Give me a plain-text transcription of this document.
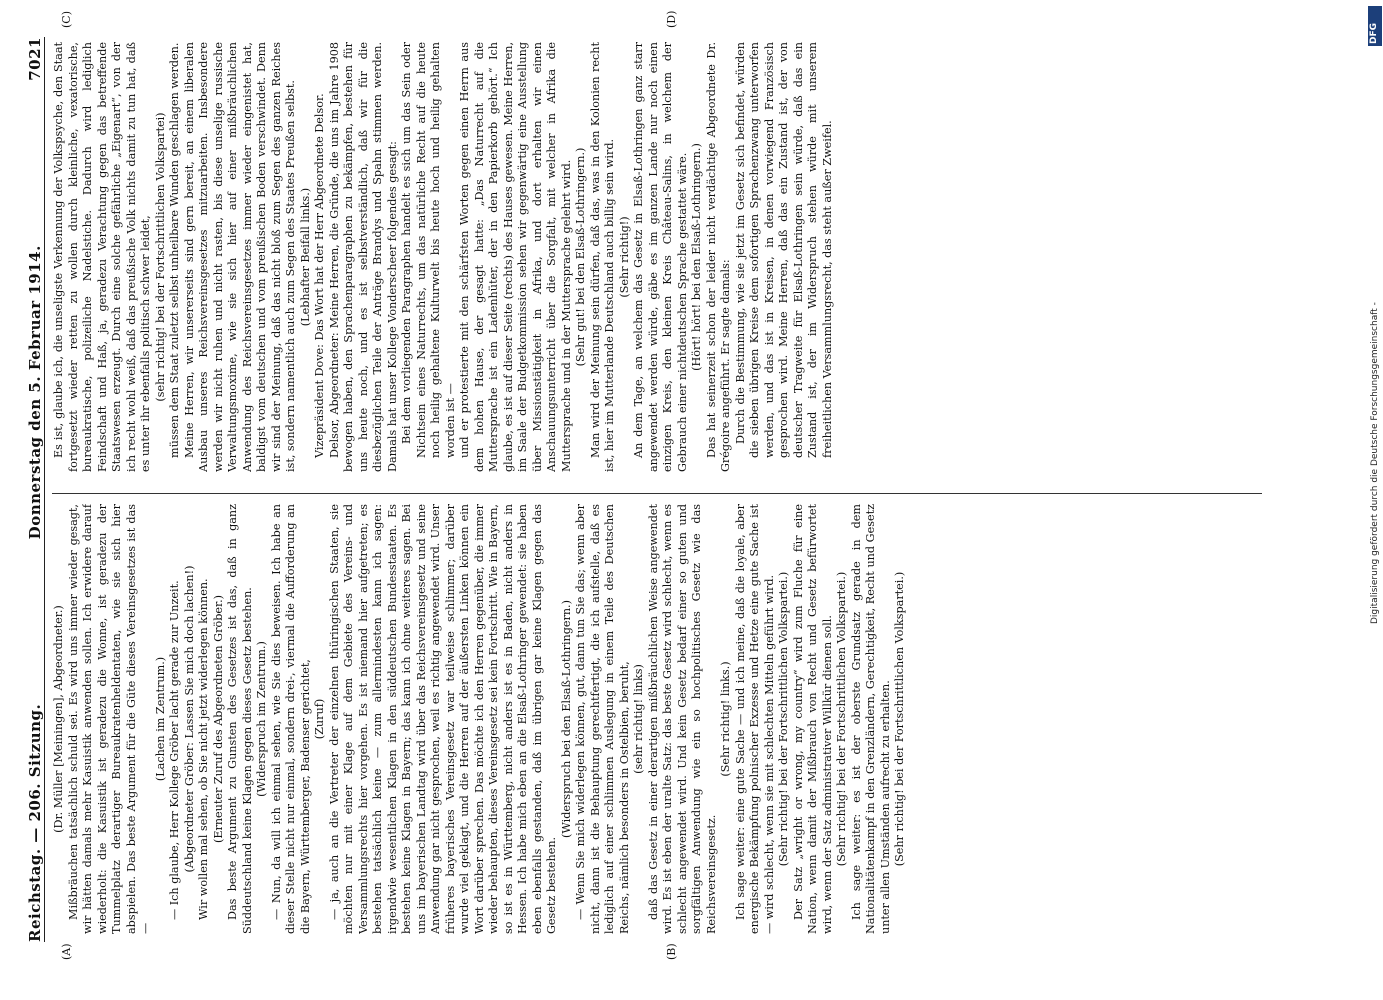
Reichstag. — 206. Sitzung.
Donnerstag den 5. Februar 1914.
7021
(A)	(B)
(C)	(D)

(Dr. Müller [Meiningen], Abgeordneter.) Mißbräuchen tatsächlich schuld sei. Es wird uns immer wieder gesagt, wir hätten damals mehr Kasuistik anwenden sollen. Ich erwidere darauf wiederholt: die Kasuistik ist geradezu die Wonne, ist geradezu der Tummelplatz derartiger Bureaukratenheldentaten, wie sie sich hier abspielen. Das beste Argument für die Güte dieses Vereinsgesetzes ist das —

(Lachen im Zentrum.) — Ich glaube, Herr Kollege Gröber lacht gerade zur Unzeit. (Abgeordneter Gröber: Lassen Sie mich doch lachen!) Wir wollen mal sehen, ob Sie nicht jetzt widerlegen können. (Erneuter Zuruf des Abgeordneten Gröber.) Das beste Argument zu Gunsten des Gesetzes ist das, daß in ganz Süddeutschland keine Klagen gegen dieses Gesetz bestehen. (Widerspruch im Zentrum.) — Nun, da will ich einmal sehen, wie Sie dies beweisen. Ich habe an dieser Stelle nicht nur einmal, sondern drei-, viermal die Aufforderung an die Bayern, Württemberger, Badenser gerichtet, (Zuruf) — ja, auch an die Vertreter der einzelnen thüringischen Staaten, sie möchten nur mit einer Klage auf dem Gebiete des Vereins- und Versammlungsrechts hier vorgehen. Es ist niemand hier aufgetreten; es bestehen tatsächlich keine — zum allermindesten kann ich sagen: irgendwie wesentlichen Klagen in den süddeutschen Bundesstaaten. Es bestehen keine Klagen in Bayern; das kann ich ohne weiteres sagen. Bei uns im bayerischen Landtag wird über das Reichsvereinsgesetz und seine Anwendung gar nicht gesprochen, weil es richtig angewendet wird. Unser früheres bayerisches Vereinsgesetz war teilweise schlimmer; darüber wurde viel geklagt, und die Herren auf der äußersten Linken können ein Wort darüber sprechen. Das möchte ich den Herren gegenüber, die immer wieder behaupten, dieses Vereinsgesetz sei kein Fortschritt. Wie in Bayern, so ist es in Württemberg, nicht anders ist es in Baden, nicht anders in Hessen. Ich habe mich eben an die Elsaß-Lothringer gewendet: sie haben eben ebenfalls gestanden, daß im übrigen gar keine Klagen gegen das Gesetz bestehen.

(Widerspruch bei den Elsaß-Lothringern.) — Wenn Sie mich widerlegen können, gut, dann tun Sie das; wenn aber nicht, dann ist die Behauptung gerechtfertigt, die ich aufstelle, daß es lediglich auf einer schlimmen Auslegung in einem Teile des Deutschen Reichs, nämlich besonders in Ostelbien, beruht, (sehr richtig! links) daß das Gesetz in einer derartigen mißbräuchlichen Weise angewendet wird. Es ist eben der uralte Satz: das beste Gesetz wird schlecht, wenn es schlecht angewendet wird. Und kein Gesetz bedarf einer so guten und sorgfältigen Anwendung wie ein so hochpolitisches Gesetz wie das Reichsvereinsgesetz.

(Sehr richtig! links.) Ich sage weiter: eine gute Sache — und ich meine, daß die loyale, aber energische Bekämpfung polnischer Exzesse und Hetze eine gute Sache ist — wird schlecht, wenn sie mit schlechten Mitteln geführt wird. (Sehr richtig! bei der Fortschrittlichen Volkspartei.) Der Satz „wright or wrong, my country“ wird zum Fluche für eine Nation, wenn damit der Mißbrauch von Recht und Gesetz befürwortet wird, wenn der Satz administrativer Willkür dienen soll. (Sehr richtig! bei der Fortschrittlichen Volkspartei.) Ich sage weiter: es ist der oberste Grundsatz gerade in dem Nationalitätenkampf in den Grenzländern, Gerechtigkeit, Recht und Gesetz unter allen Umständen aufrecht zu erhalten. (Sehr richtig! bei der Fortschrittlichen Volkspartei.)

Es ist, glaube ich, die unseligste Verkennung der Volkspsyche, den Staat fortgesetzt wieder retten zu wollen durch kleinliche, vexatorische, bureaukratische, polizeiliche Nadelstiche. Dadurch wird lediglich Feindschaft und Haß, ja, geradezu Verachtung gegen das betreffende Staatswesen erzeugt. Durch eine solche gefährliche „Eigenart“, von der ich recht wohl weiß, daß das preußische Volk nichts damit zu tun hat, daß es unter ihr ebenfalls politisch schwer leidet, (sehr richtig! bei der Fortschrittlichen Volkspartei) müssen dem Staat zuletzt selbst unheilbare Wunden geschlagen werden. Meine Herren, wir unsererseits sind gern bereit, an einem liberalen Ausbau unseres Reichsvereinsgesetzes mitzuarbeiten. Insbesondere werden wir nicht ruhen und nicht rasten, bis diese unselige russische Verwaltungsmoxime, wie sie sich hier auf einer mißbräuchlichen Anwendung des Reichsvereinsgesetzes immer wieder eingenistet hat, baldigst vom deutschen und vom preußischen Boden verschwindet. Denn wir sind der Meinung, daß das nicht bloß zum Segen des ganzen Reiches ist, sondern namentlich auch zum Segen des Staates Preußen selbst. (Lebhafter Beifall links.) Vizepräsident Dove: Das Wort hat der Herr Abgeordnete Delsor. Delsor, Abgeordneter: Meine Herren, die Gründe, die uns im Jahre 1908 bewogen haben, den Sprachenparagraphen zu bekämpfen, bestehen für uns heute noch, und es ist selbstverständlich, daß wir für die diesbezüglichen Teile der Anträge Brandys und Spahn stimmen werden. Damals hat unser Kollege Vonderscheer folgendes gesagt: Bei dem vorliegenden Paragraphen handelt es sich um das Sein oder Nichtsein eines Naturrechts, um das natürliche Recht auf die heute noch heilig gehaltene Kulturwelt bis heute hoch und heilig gehalten worden ist — und er protestierte mit den schärfsten Worten gegen einen Herrn aus dem hohen Hause, der gesagt hatte: „Das Naturrecht auf die Muttersprache ist ein Ladenhüter, der in den Papierkorb gehört.“ Ich glaube, es ist auf dieser Seite (rechts) des Hauses gewesen. Meine Herren, im Saale der Budgetkommission sehen wir gegenwärtig eine Ausstellung über Missionstätigkeit in Afrika, und dort erhalten wir einen Anschauungsunterricht über die Sorgfalt, mit welcher in Afrika die Muttersprache und in der Muttersprache gelehrt wird. (Sehr gut! bei den Elsaß-Lothringern.) Man wird der Meinung sein dürfen, daß das, was in den Kolonien recht ist, hier im Mutterlande Deutschland auch billig sein wird. (Sehr richtig!) An dem Tage, an welchem das Gesetz in Elsaß-Lothringen ganz starr angewendet werden würde, gäbe es im ganzen Lande nur noch einen einzigen Kreis, den kleinen Kreis Château-Salins, in welchem der Gebrauch einer nichtdeutschen Sprache gestattet wäre. (Hört! hört! bei den Elsaß-Lothringern.) Das hat seinerzeit schon der leider nicht verdächtige Abgeordnete Dr. Grégoire angeführt. Er sagte damals: Durch die Bestimmung, wie sie jetzt im Gesetz sich befindet, würden die sieben übrigen Kreise dem sofortigen Sprachenzwang unterworfen werden, und das ist in Kreisen, in denen vorwiegend Französisch gesprochen wird. Meine Herren, daß das ein Zustand ist, der von deutscher Tragweite für Elsaß-Lothringen sein würde, daß das ein Zustand ist, der im Widerspruch stehen würde mit unserem freiheitlichen Versammlungsrecht, das steht außer Zweifel.

DFG
Digitalisierung gefördert durch die Deutsche Forschungsgemeinschaft -
